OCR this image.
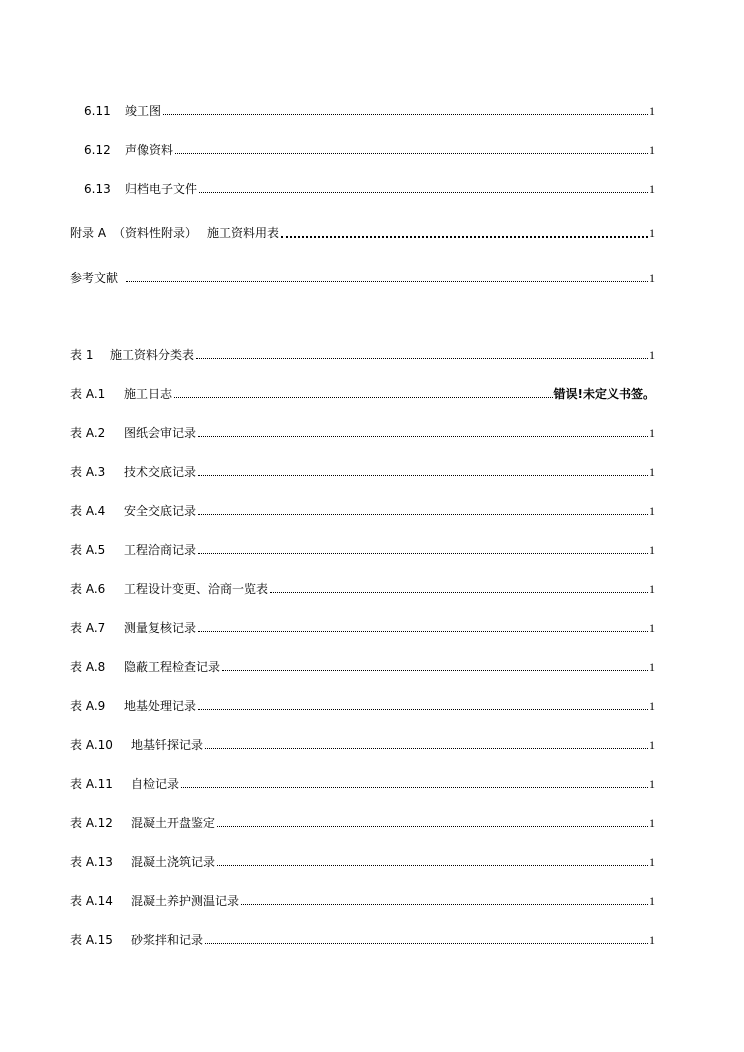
6.11	竣工图	1
6.12	声像资料	1
6.13	归档电子文件	1
附录 A （资料性附录） 施工资料用表	1
参考文献	1
表 1	施工资料分类表	1
表 A.1	施工日志	错误!未定义书签。
表 A.2	图纸会审记录	1
表 A.3	技术交底记录	1
表 A.4	安全交底记录	1
表 A.5	工程洽商记录	1
表 A.6	工程设计变更、洽商一览表	1
表 A.7	测量复核记录	1
表 A.8	隐蔽工程检查记录	1
表 A.9	地基处理记录	1
表 A.10	地基钎探记录	1
表 A.11	自检记录	1
表 A.12	混凝土开盘鉴定	1
表 A.13	混凝土浇筑记录	1
表 A.14	混凝土养护测温记录	1
表 A.15	砂浆拌和记录	1
